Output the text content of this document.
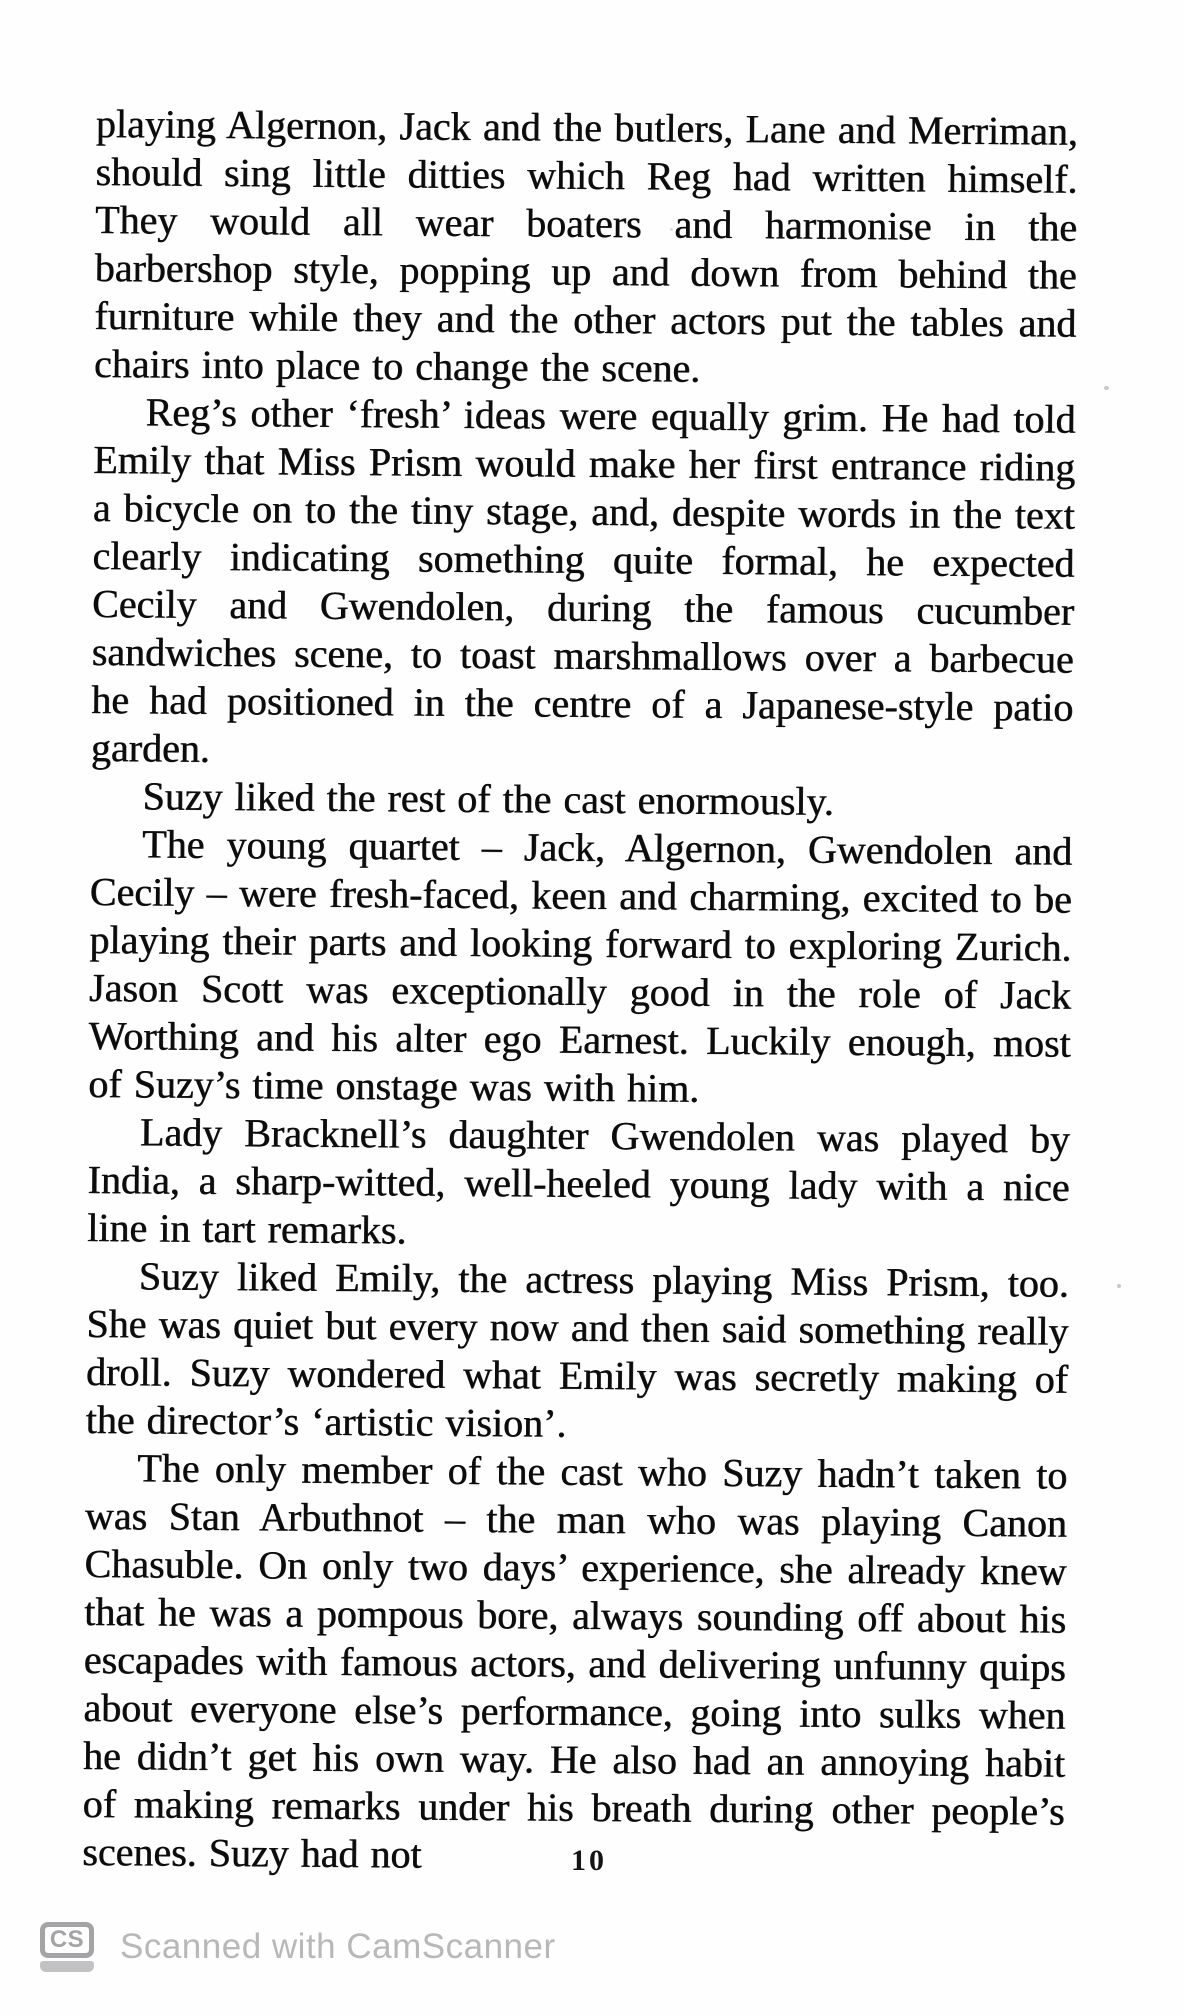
playing Algernon, Jack and the butlers, Lane and Merriman, should sing little ditties which Reg had written himself. They would all wear boaters and harmonise in the barbershop style, popping up and down from behind the furniture while they and the other actors put the tables and chairs into place to change the scene.

Reg’s other ‘fresh’ ideas were equally grim. He had told Emily that Miss Prism would make her first entrance riding a bicycle on to the tiny stage, and, despite words in the text clearly indicating something quite formal, he expected Cecily and Gwendolen, during the famous cucumber sandwiches scene, to toast marshmallows over a barbecue he had positioned in the centre of a Japanese-style patio garden.

Suzy liked the rest of the cast enormously.

The young quartet – Jack, Algernon, Gwendolen and Cecily – were fresh-faced, keen and charming, excited to be playing their parts and looking forward to exploring Zurich. Jason Scott was exceptionally good in the role of Jack Worthing and his alter ego Earnest. Luckily enough, most of Suzy’s time onstage was with him.

Lady Bracknell’s daughter Gwendolen was played by India, a sharp-witted, well-heeled young lady with a nice line in tart remarks.

Suzy liked Emily, the actress playing Miss Prism, too. She was quiet but every now and then said something really droll. Suzy wondered what Emily was secretly making of the director’s ‘artistic vision’.

The only member of the cast who Suzy hadn’t taken to was Stan Arbuthnot – the man who was playing Canon Chasuble. On only two days’ experience, she already knew that he was a pompous bore, always sounding off about his escapades with famous actors, and delivering unfunny quips about everyone else’s performance, going into sulks when he didn’t get his own way. He also had an annoying habit of making remarks under his breath during other people’s scenes. Suzy had not	10
CS Scanned with CamScanner
